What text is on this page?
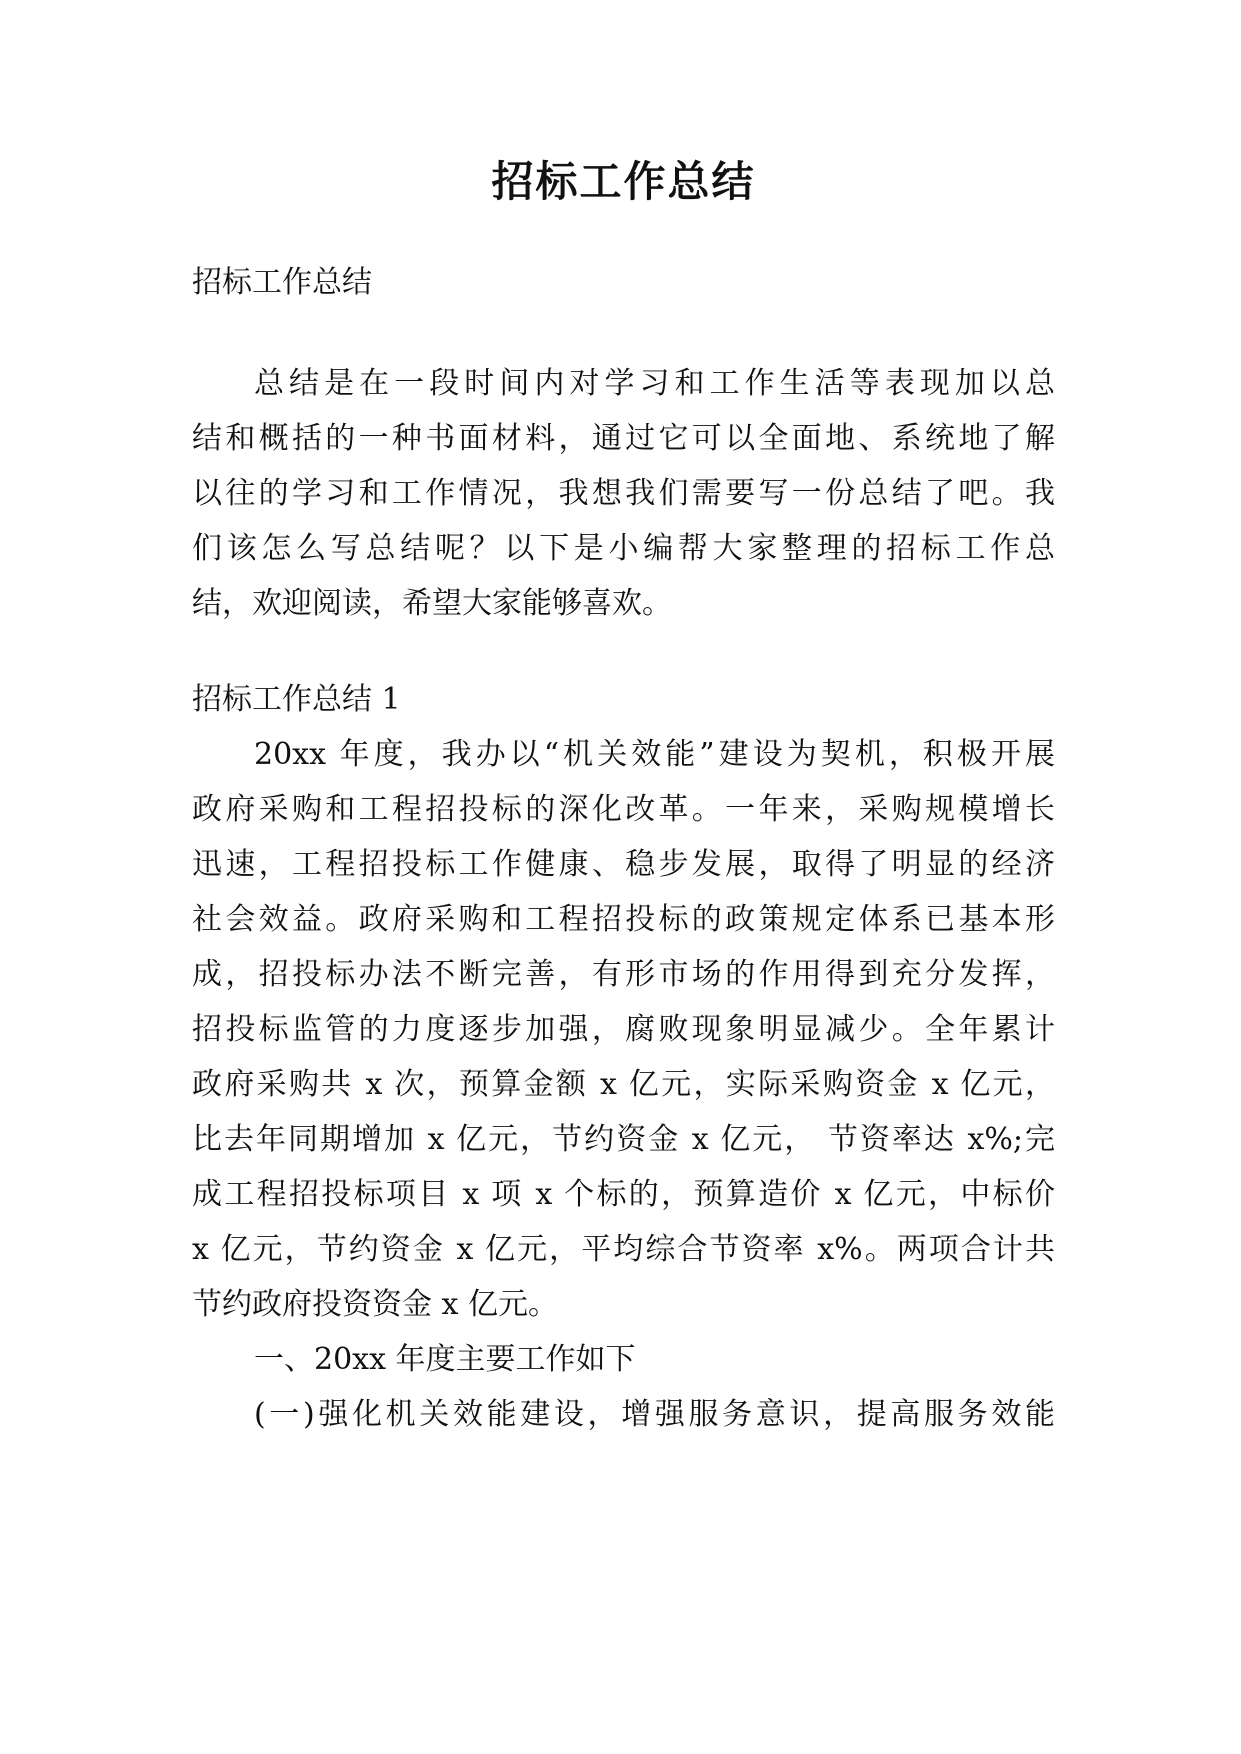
招标工作总结
招标工作总结
总结是在一段时间内对学习和工作生活等表现加以总
结和概括的一种书面材料，通过它可以全面地、系统地了解
以往的学习和工作情况，我想我们需要写一份总结了吧。我
们该怎么写总结呢？以下是小编帮大家整理的招标工作总
结，欢迎阅读，希望大家能够喜欢。
招标工作总结 1
20xx 年度，我办以“机关效能”建设为契机，积极开展
政府采购和工程招投标的深化改革。一年来，采购规模增长
迅速，工程招投标工作健康、稳步发展，取得了明显的经济
社会效益。政府采购和工程招投标的政策规定体系已基本形
成，招投标办法不断完善，有形市场的作用得到充分发挥，
招投标监管的力度逐步加强，腐败现象明显减少。全年累计
政府采购共 x 次，预算金额 x 亿元，实际采购资金 x 亿元，
比去年同期增加 x 亿元，节约资金 x 亿元， 节资率达 x%;完
成工程招投标项目 x 项 x 个标的，预算造价 x 亿元，中标价
x 亿元，节约资金 x 亿元，平均综合节资率 x%。两项合计共
节约政府投资资金 x 亿元。
一、20xx 年度主要工作如下
(一)强化机关效能建设，增强服务意识，提高服务效能
